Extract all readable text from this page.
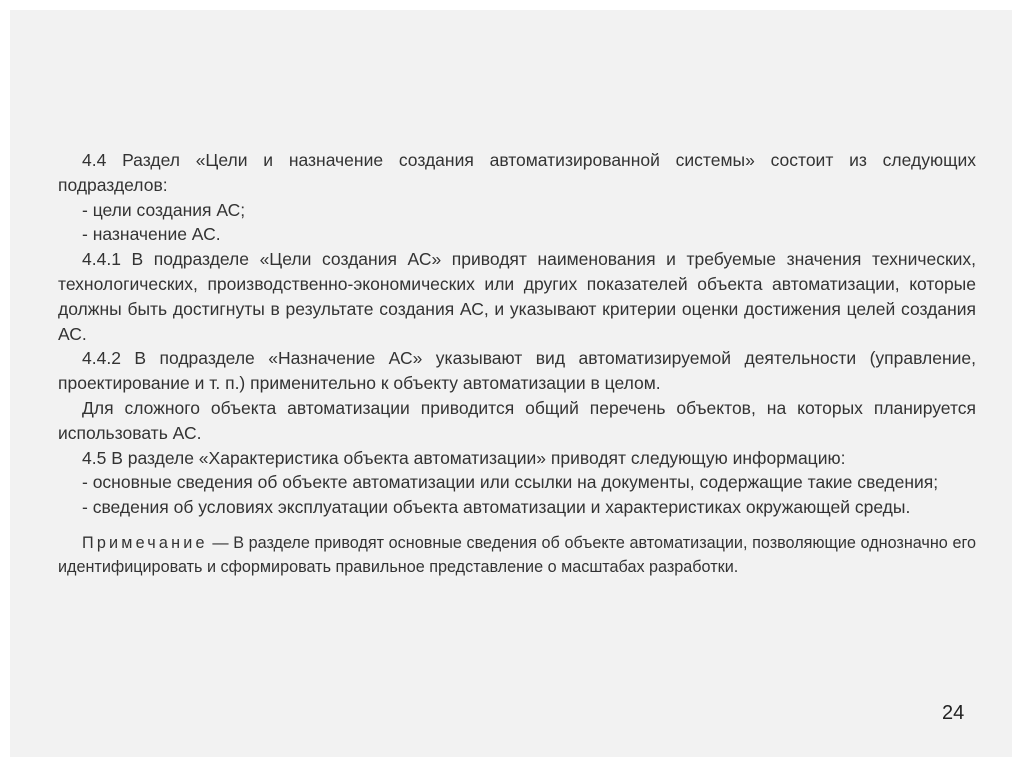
4.4 Раздел «Цели и назначение создания автоматизированной системы» состоит из следующих подразделов:

- цели создания АС;

- назначение АС.

4.4.1 В подразделе «Цели создания АС» приводят наименования и требуемые значения технических, технологических, производственно-экономических или других показателей объекта автоматизации, которые должны быть достигнуты в результате создания АС, и указывают критерии оценки достижения целей создания АС.

4.4.2 В подразделе «Назначение АС» указывают вид автоматизируемой деятельности (управление, проектирование и т. п.) применительно к объекту автоматизации в целом.

Для сложного объекта автоматизации приводится общий перечень объектов, на которых планируется использовать АС.

4.5 В разделе «Характеристика объекта автоматизации» приводят следующую информацию:

- основные сведения об объекте автоматизации или ссылки на документы, содержащие такие сведения;

- сведения об условиях эксплуатации объекта автоматизации и характеристиках окружающей среды.

Примечание — В разделе приводят основные сведения об объекте автоматизации, позволяющие однозначно его идентифицировать и сформировать правильное представление о масштабах разработки.

24
